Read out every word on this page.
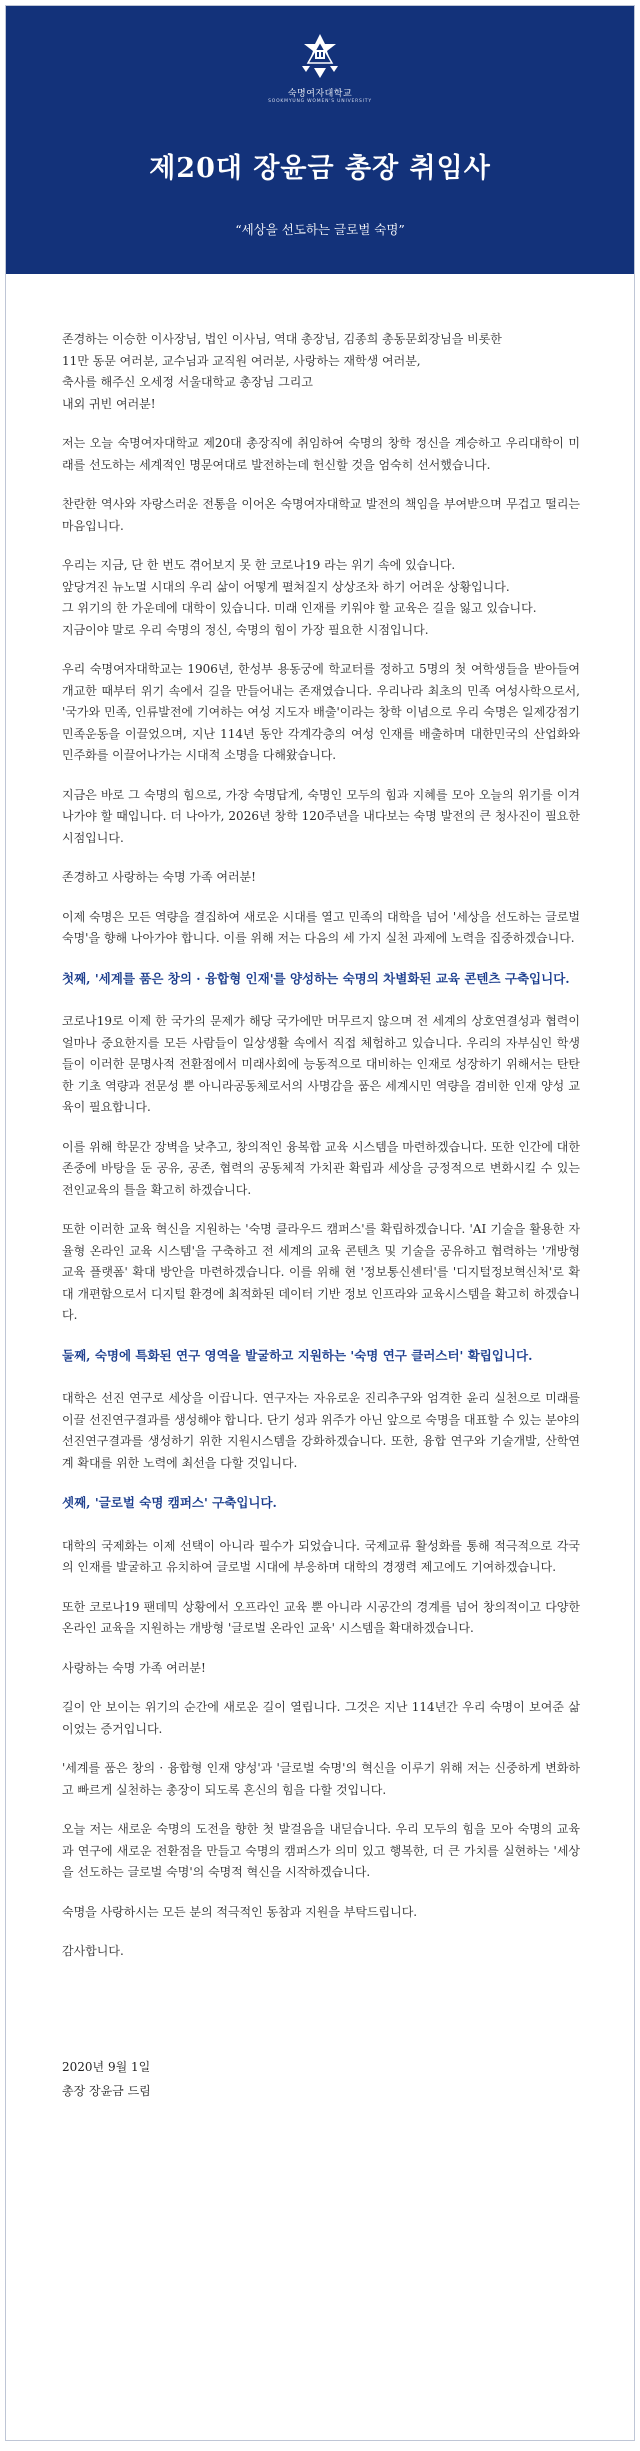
숙명여자대학교
SOOKMYUNG WOMEN'S UNIVERSITY
제20대 장윤금 총장 취임사
“세상을 선도하는 글로벌 숙명”
존경하는 이승한 이사장님, 법인 이사님, 역대 총장님, 김종희 총동문회장님을 비롯한
11만 동문 여러분, 교수님과 교직원 여러분, 사랑하는 재학생 여러분,
축사를 해주신 오세정 서울대학교 총장님 그리고
내외 귀빈 여러분!
저는 오늘 숙명여자대학교 제20대 총장직에 취임하여 숙명의 창학 정신을 계승하고 우리대학이 미래를 선도하는 세계적인 명문여대로 발전하는데 헌신할 것을 엄숙히 선서했습니다.
찬란한 역사와 자랑스러운 전통을 이어온 숙명여자대학교 발전의 책임을 부여받으며 무겁고 떨리는 마음입니다.
우리는 지금, 단 한 번도 겪어보지 못 한 코로나19 라는 위기 속에 있습니다.
앞당겨진 뉴노멀 시대의 우리 삶이 어떻게 펼쳐질지 상상조차 하기 어려운 상황입니다.
그 위기의 한 가운데에 대학이 있습니다. 미래 인재를 키워야 할 교육은 길을 잃고 있습니다.
지금이야 말로 우리 숙명의 정신, 숙명의 힘이 가장 필요한 시점입니다.
우리 숙명여자대학교는 1906년, 한성부 용동궁에 학교터를 정하고 5명의 첫 여학생들을 받아들여 개교한 때부터 위기 속에서 길을 만들어내는 존재였습니다. 우리나라 최초의 민족 여성사학으로서, '국가와 민족, 인류발전에 기여하는 여성 지도자 배출'이라는 창학 이념으로 우리 숙명은 일제강점기 민족운동을 이끌었으며, 지난 114년 동안 각계각층의 여성 인재를 배출하며 대한민국의 산업화와 민주화를 이끌어나가는 시대적 소명을 다해왔습니다.
지금은 바로 그 숙명의 힘으로, 가장 숙명답게, 숙명인 모두의 힘과 지혜를 모아 오늘의 위기를 이겨나가야 할 때입니다. 더 나아가, 2026년 창학 120주년을 내다보는 숙명 발전의 큰 청사진이 필요한 시점입니다.
존경하고 사랑하는 숙명 가족 여러분!
이제 숙명은 모든 역량을 결집하여 새로운 시대를 열고 민족의 대학을 넘어 '세상을 선도하는 글로벌 숙명'을 향해 나아가야 합니다. 이를 위해 저는 다음의 세 가지 실천 과제에 노력을 집중하겠습니다.
첫째, '세계를 품은 창의 · 융합형 인재'를 양성하는 숙명의 차별화된 교육 콘텐츠 구축입니다.
코로나19로 이제 한 국가의 문제가 해당 국가에만 머무르지 않으며 전 세계의 상호연결성과 협력이 얼마나 중요한지를 모든 사람들이 일상생활 속에서 직접 체험하고 있습니다. 우리의 자부심인 학생들이 이러한 문명사적 전환점에서 미래사회에 능동적으로 대비하는 인재로 성장하기 위해서는 탄탄한 기초 역량과 전문성 뿐 아니라공동체로서의 사명감을 품은 세계시민 역량을 겸비한 인재 양성 교육이 필요합니다.
이를 위해 학문간 장벽을 낮추고, 창의적인 융복합 교육 시스템을 마련하겠습니다. 또한 인간에 대한 존중에 바탕을 둔 공유, 공존, 협력의 공동체적 가치관 확립과 세상을 긍정적으로 변화시킬 수 있는 전인교육의 틀을 확고히 하겠습니다.
또한 이러한 교육 혁신을 지원하는 '숙명 클라우드 캠퍼스'를 확립하겠습니다. 'AI 기술을 활용한 자율형 온라인 교육 시스템'을 구축하고 전 세계의 교육 콘텐츠 및 기술을 공유하고 협력하는 '개방형 교육 플랫폼' 확대 방안을 마련하겠습니다. 이를 위해 현 '정보통신센터'를 '디지털정보혁신처'로 확대 개편함으로서 디지털 환경에 최적화된 데이터 기반 정보 인프라와 교육시스템을 확고히 하겠습니다.
둘째, 숙명에 특화된 연구 영역을 발굴하고 지원하는 '숙명 연구 클러스터' 확립입니다.
대학은 선진 연구로 세상을 이끕니다. 연구자는 자유로운 진리추구와 엄격한 윤리 실천으로 미래를 이끌 선진연구결과를 생성해야 합니다. 단기 성과 위주가 아닌 앞으로 숙명을 대표할 수 있는 분야의 선진연구결과를 생성하기 위한 지원시스템을 강화하겠습니다. 또한, 융합 연구와 기술개발, 산학연계 확대를 위한 노력에 최선을 다할 것입니다.
셋째, '글로벌 숙명 캠퍼스' 구축입니다.
대학의 국제화는 이제 선택이 아니라 필수가 되었습니다. 국제교류 활성화를 통해 적극적으로 각국의 인재를 발굴하고 유치하여 글로벌 시대에 부응하며 대학의 경쟁력 제고에도 기여하겠습니다.
또한 코로나19 팬데믹 상황에서 오프라인 교육 뿐 아니라 시공간의 경계를 넘어 창의적이고 다양한 온라인 교육을 지원하는 개방형 '글로벌 온라인 교육' 시스템을 확대하겠습니다.
사랑하는 숙명 가족 여러분!
길이 안 보이는 위기의 순간에 새로운 길이 열립니다. 그것은 지난 114년간 우리 숙명이 보여준 삶이었는 증거입니다.
'세계를 품은 창의 · 융합형 인재 양성'과 '글로벌 숙명'의 혁신을 이루기 위해 저는 신중하게 변화하고 빠르게 실천하는 총장이 되도록 혼신의 힘을 다할 것입니다.
오늘 저는 새로운 숙명의 도전을 향한 첫 발걸음을 내딛습니다. 우리 모두의 힘을 모아 숙명의 교육과 연구에 새로운 전환점을 만들고 숙명의 캠퍼스가 의미 있고 행복한, 더 큰 가치를 실현하는 '세상을 선도하는 글로벌 숙명'의 숙명적 혁신을 시작하겠습니다.
숙명을 사랑하시는 모든 분의 적극적인 동참과 지원을 부탁드립니다.
감사합니다.
2020년 9월 1일
총장 장윤금 드림
